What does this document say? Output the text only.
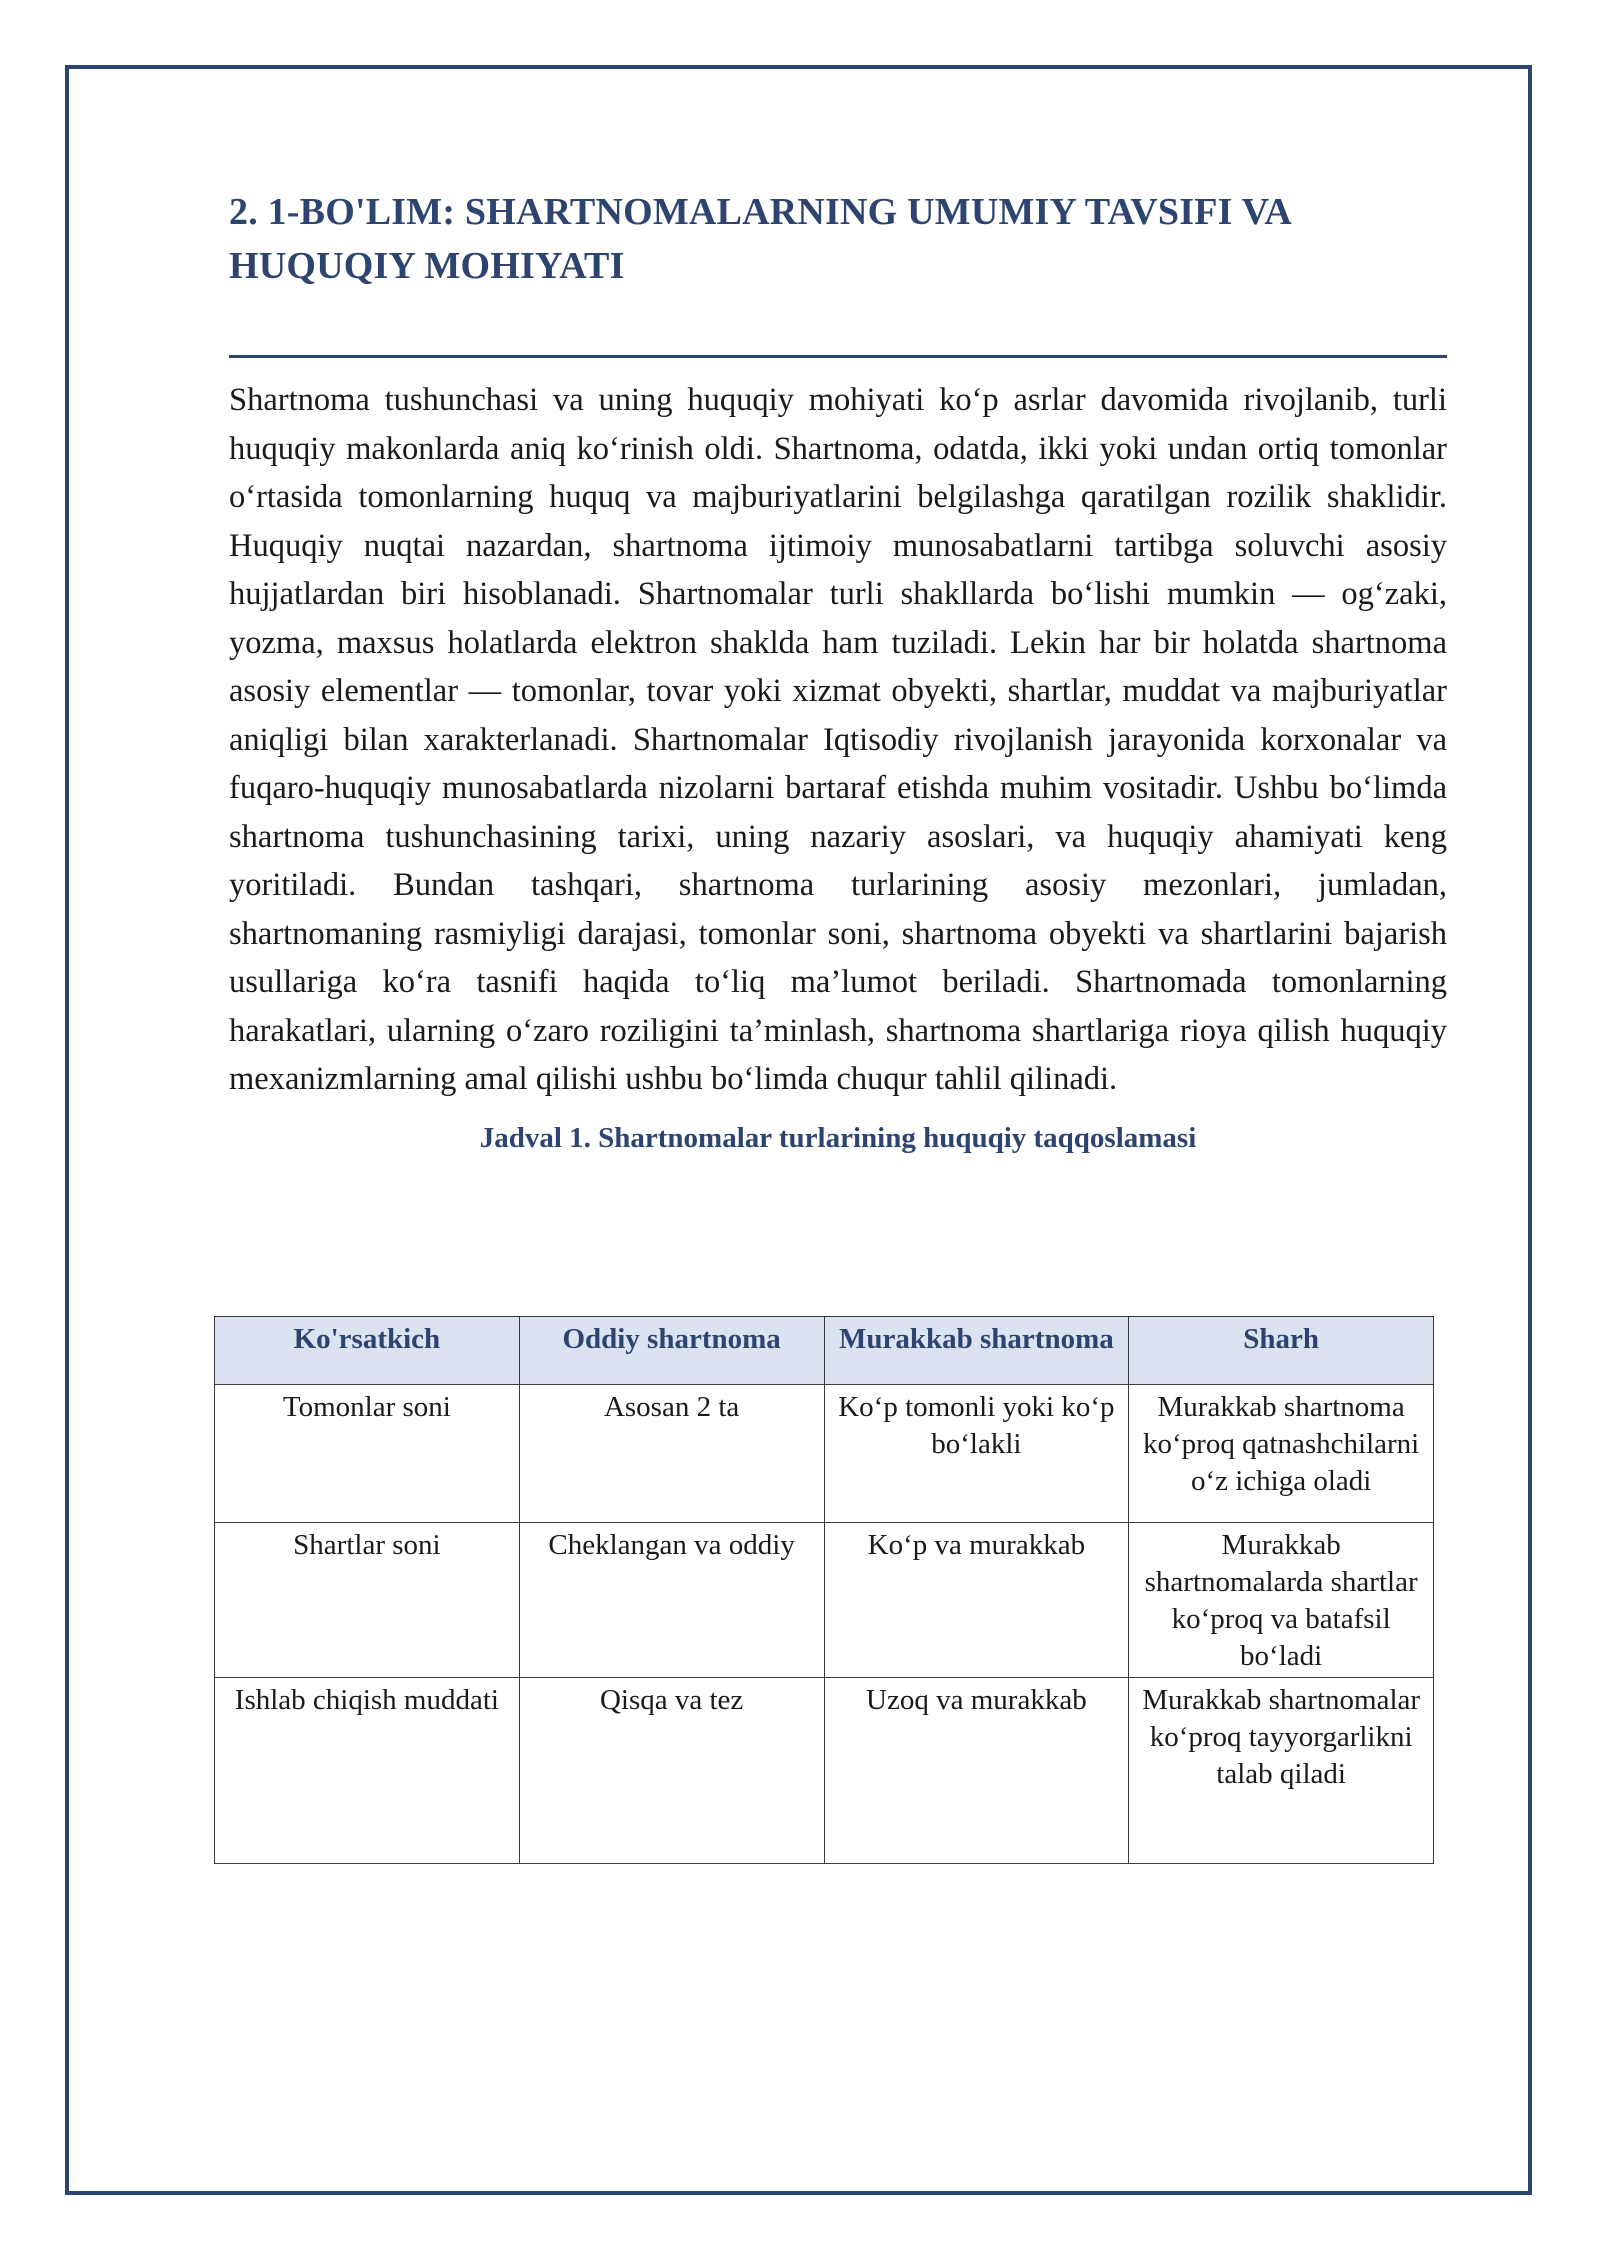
2. 1-BO'LIM: SHARTNOMALARNING UMUMIY TAVSIFI VA
HUQUQIY MOHIYATI

Shartnoma tushunchasi va uning huquqiy mohiyati ko‘p asrlar davomida rivojlanib, turli huquqiy makonlarda aniq ko‘rinish oldi. Shartnoma, odatda, ikki yoki undan ortiq tomonlar o‘rtasida tomonlarning huquq va majburiyatlarini belgilashga qaratilgan rozilik shaklidir. Huquqiy nuqtai nazardan, shartnoma ijtimoiy munosabatlarni tartibga soluvchi asosiy hujjatlardan biri hisoblanadi. Shartnomalar turli shakllarda bo‘lishi mumkin — og‘zaki, yozma, maxsus holatlarda elektron shaklda ham tuziladi. Lekin har bir holatda shartnoma asosiy elementlar — tomonlar, tovar yoki xizmat obyekti, shartlar, muddat va majburiyatlar aniqligi bilan xarakterlanadi. Shartnomalar Iqtisodiy rivojlanish jarayonida korxonalar va fuqaro-huquqiy munosabatlarda nizolarni bartaraf etishda muhim vositadir. Ushbu bo‘limda shartnoma tushunchasining tarixi, uning nazariy asoslari, va huquqiy ahamiyati keng yoritiladi. Bundan tashqari, shartnoma turlarining asosiy mezonlari, jumladan, shartnomaning rasmiyligi darajasi, tomonlar soni, shartnoma obyekti va shartlarini bajarish usullariga ko‘ra tasnifi haqida to‘liq ma’lumot beriladi. Shartnomada tomonlarning harakatlari, ularning o‘zaro roziligini ta’minlash, shartnoma shartlariga rioya qilish huquqiy mexanizmlarning amal qilishi ushbu bo‘limda chuqur tahlil qilinadi.

Jadval 1. Shartnomalar turlarining huquqiy taqqoslamasi
Ko'rsatkich	Oddiy shartnoma	Murakkab shartnoma	Sharh
Tomonlar soni	Asosan 2 ta	Ko‘p tomonli yoki ko‘p bo‘lakli	Murakkab shartnoma ko‘proq qatnashchilarni o‘z ichiga oladi
Shartlar soni	Cheklangan va oddiy	Ko‘p va murakkab	Murakkab shartnomalarda shartlar ko‘proq va batafsil bo‘ladi
Ishlab chiqish muddati	Qisqa va tez	Uzoq va murakkab	Murakkab shartnomalar ko‘proq tayyorgarlikni talab qiladi
